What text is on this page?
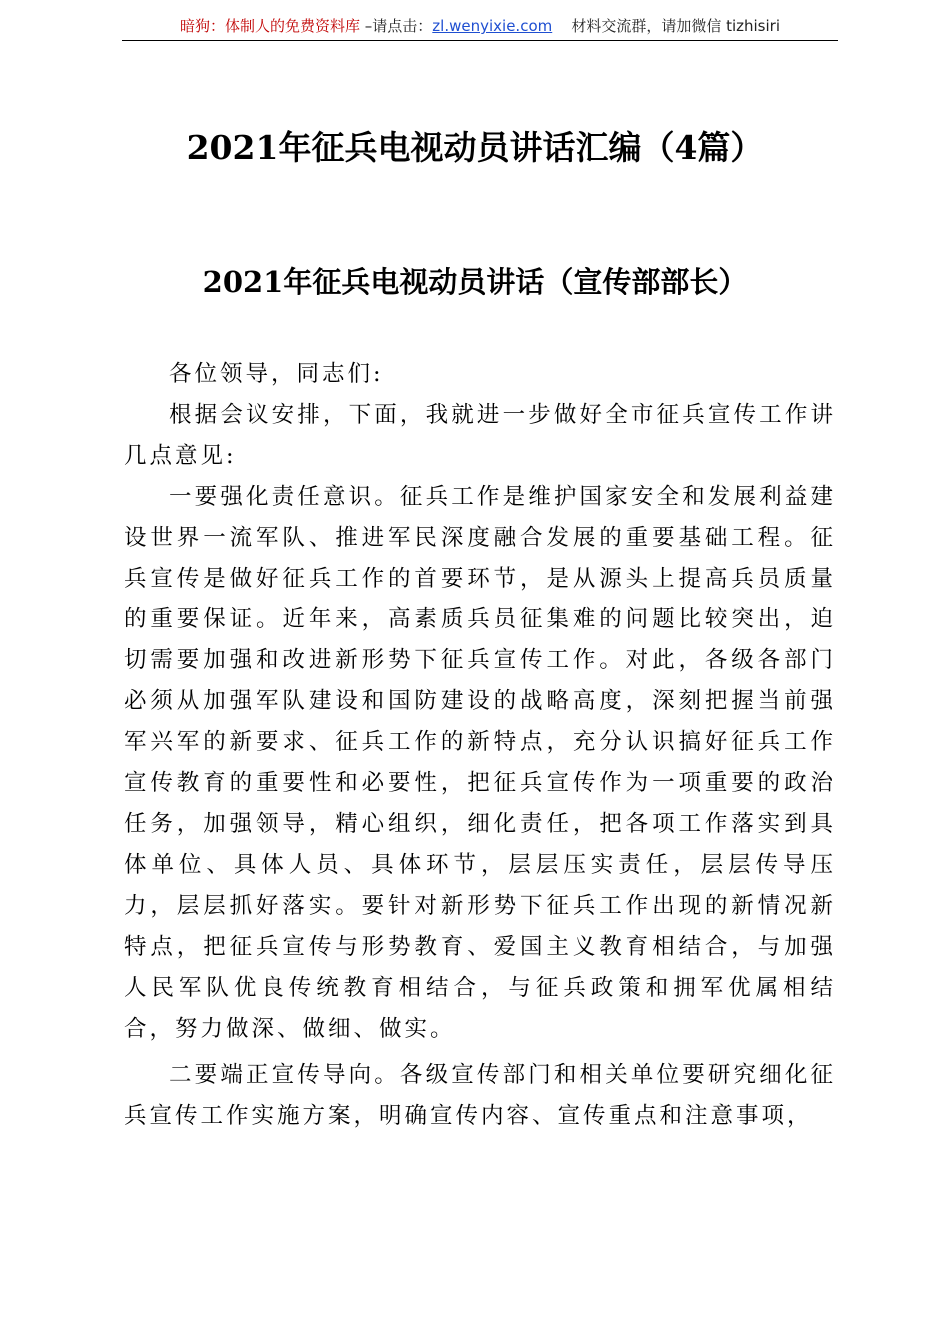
暗狗：体制人的免费资料库 –请点击：zl.wenyixie.com 材料交流群，请加微信 tizhisiri
2021年征兵电视动员讲话汇编（4篇）
2021年征兵电视动员讲话（宣传部部长）

各位领导，同志们:

根据会议安排，下面，我就进一步做好全市征兵宣传工作讲几点意见:

一要强化责任意识。征兵工作是维护国家安全和发展利益建设世界一流军队、推进军民深度融合发展的重要基础工程。征兵宣传是做好征兵工作的首要环节，是从源头上提高兵员质量的重要保证。近年来，高素质兵员征集难的问题比较突出，迫切需要加强和改进新形势下征兵宣传工作。对此，各级各部门必须从加强军队建设和国防建设的战略高度，深刻把握当前强军兴军的新要求、征兵工作的新特点，充分认识搞好征兵工作宣传教育的重要性和必要性，把征兵宣传作为一项重要的政治任务，加强领导，精心组织，细化责任，把各项工作落实到具体单位、具体人员、具体环节，层层压实责任，层层传导压力，层层抓好落实。要针对新形势下征兵工作出现的新情况新特点，把征兵宣传与形势教育、爱国主义教育相结合，与加强人民军队优良传统教育相结合，与征兵政策和拥军优属相结合，努力做深、做细、做实。

二要端正宣传导向。各级宣传部门和相关单位要研究细化征兵宣传工作实施方案，明确宣传内容、宣传重点和注意事项，
